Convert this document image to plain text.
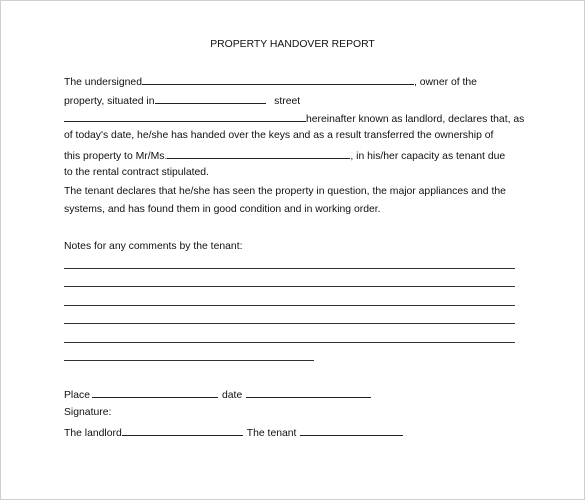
PROPERTY HANDOVER REPORT
The undersigned	, owner of the
property, situated in	street
hereinafter known as landlord, declares that, as
of today's date, he/she has handed over the keys and as a result transferred the ownership of
this property to Mr/Ms.	, in his/her capacity as tenant due
to the rental contract stipulated.
The tenant declares that he/she has seen the property in question, the major appliances and the
systems, and has found them in good condition and in working order.
Notes for any comments by the tenant:
Place	date
Signature:
The landlord	The tenant
